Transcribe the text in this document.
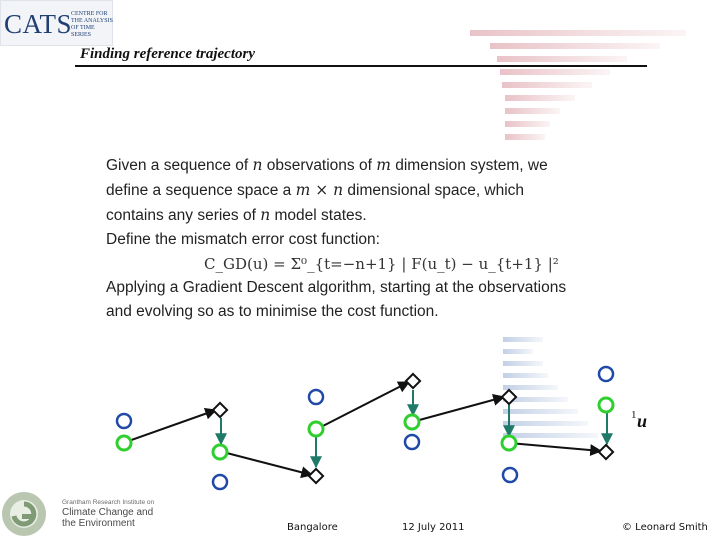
CATS
CENTRE FOR THE ANALYSIS OF TIME SERIES
Finding reference trajectory
Given a sequence of n observations of m dimension system, we
define a sequence space a m × n dimensional space, which
contains any series of n model states.
Define the mismatch error cost function:
C_GD(u) = Σ⁰_{t=−n+1} | F(u_t) − u_{t+1} |²
Applying a Gradient Descent algorithm, starting at the observations
and evolving so as to minimise the cost function.
1 u
Grantham Research Institute on
Climate Change and
the Environment	Bangalore	12 July 2011	© Leonard Smith
